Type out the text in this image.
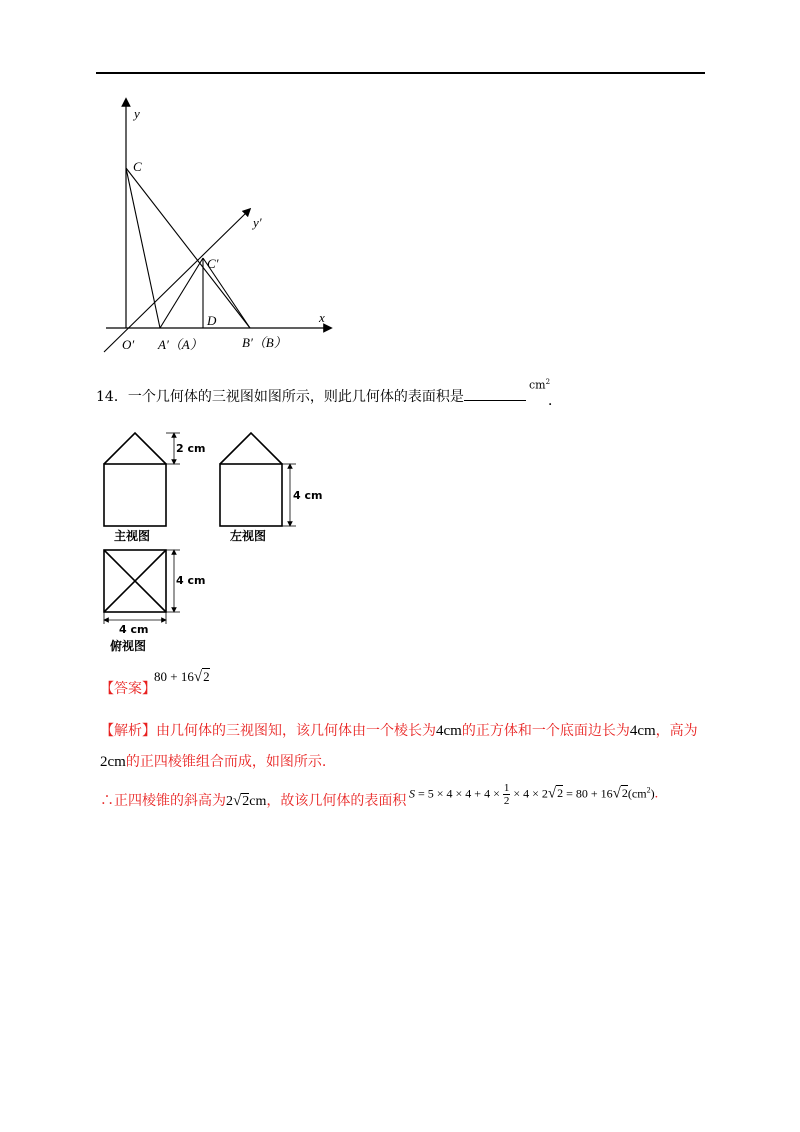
y
C
y′
C′
D	x
O′ A′（A）	B′（B）
14．一个几何体的三视图如图所示，则此几何体的表面积是
$cm^2$
．
2 cm
主视图
4 cm
左视图
4 cm
4 cm
俯视图
【答案】
80 + 16√2
【解析】由几何体的三视图知，该几何体由一个棱长为4cm的正方体和一个底面边长为4cm，高为
2cm的正四棱锥组合而成，如图所示.
∴正四棱锥的斜高为2√2cm，故该几何体的表面积 $S = 5 \times 4 \times 4 + 4 \times \frac{1}{2} \times 4 \times 2√2 = 80 + 16√2(cm^2)$.
